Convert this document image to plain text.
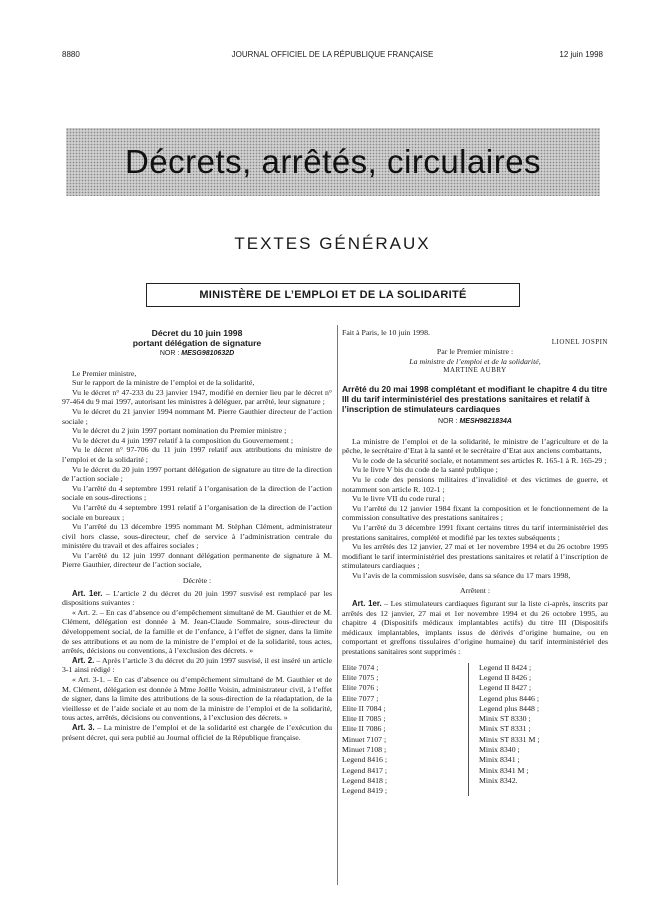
8880	JOURNAL OFFICIEL DE LA RÉPUBLIQUE FRANÇAISE	12 juin 1998
Décrets, arrêtés, circulaires
TEXTES GÉNÉRAUX
MINISTÈRE DE L’EMPLOI ET DE LA SOLIDARITÉ
Décret du 10 juin 1998
portant délégation de signature
NOR : MESG9810632D

Le Premier ministre,

Sur le rapport de la ministre de l’emploi et de la solidarité,

Vu le décret n° 47-233 du 23 janvier 1947, modifié en dernier lieu par le décret n° 97-464 du 9 mai 1997, autorisant les ministres à déléguer, par arrêté, leur signature ;

Vu le décret du 21 janvier 1994 nommant M. Pierre Gauthier directeur de l’action sociale ;

Vu le décret du 2 juin 1997 portant nomination du Premier ministre ;

Vu le décret du 4 juin 1997 relatif à la composition du Gouvernement ;

Vu le décret n° 97-706 du 11 juin 1997 relatif aux attributions du ministre de l’emploi et de la solidarité ;

Vu le décret du 20 juin 1997 portant délégation de signature au titre de la direction de l’action sociale ;

Vu l’arrêté du 4 septembre 1991 relatif à l’organisation de la direction de l’action sociale en sous-directions ;

Vu l’arrêté du 4 septembre 1991 relatif à l’organisation de la direction de l’action sociale en bureaux ;

Vu l’arrêté du 13 décembre 1995 nommant M. Stéphan Clément, administrateur civil hors classe, sous-directeur, chef de service à l’administration centrale du ministère du travail et des affaires sociales ;

Vu l’arrêté du 12 juin 1997 donnant délégation permanente de signature à M. Pierre Gauthier, directeur de l’action sociale,

Décrète :

Art. 1er. – L’article 2 du décret du 20 juin 1997 susvisé est remplacé par les dispositions suivantes :

« Art. 2. – En cas d’absence ou d’empêchement simultané de M. Gauthier et de M. Clément, délégation est donnée à M. Jean-Claude Sommaire, sous-directeur du développement social, de la famille et de l’enfance, à l’effet de signer, dans la limite de ses attributions et au nom de la ministre de l’emploi et de la solidarité, tous actes, arrêtés, décisions ou conventions, à l’exclusion des décrets. »

Art. 2. – Après l’article 3 du décret du 20 juin 1997 susvisé, il est inséré un article 3-1 ainsi rédigé :

« Art. 3-1. – En cas d’absence ou d’empêchement simultané de M. Gauthier et de M. Clément, délégation est donnée à Mme Joëlle Voisin, administrateur civil, à l’effet de signer, dans la limite des attributions de la sous-direction de la réadaptation, de la vieillesse et de l’aide sociale et au nom de la ministre de l’emploi et de la solidarité, tous actes, arrêtés, décisions ou conventions, à l’exclusion des décrets. »

Art. 3. – La ministre de l’emploi et de la solidarité est chargée de l’exécution du présent décret, qui sera publié au Journal officiel de la République française.

Fait à Paris, le 10 juin 1998.

LIONEL JOSPIN
Par le Premier ministre :
La ministre de l’emploi et de la solidarité,
MARTINE AUBRY
Arrêté du 20 mai 1998 complétant et modifiant le chapitre 4 du titre III du tarif interministériel des prestations sanitaires et relatif à l’inscription de stimulateurs cardiaques
NOR : MESH9821834A

La ministre de l’emploi et de la solidarité, le ministre de l’agriculture et de la pêche, le secrétaire d’Etat à la santé et le secrétaire d’Etat aux anciens combattants,

Vu le code de la sécurité sociale, et notamment ses articles R. 165-1 à R. 165-29 ;

Vu le livre V bis du code de la santé publique ;

Vu le code des pensions militaires d’invalidité et des victimes de guerre, et notamment son article R. 102-1 ;

Vu le livre VII du code rural ;

Vu l’arrêté du 12 janvier 1984 fixant la composition et le fonctionnement de la commission consultative des prestations sanitaires ;

Vu l’arrêté du 3 décembre 1991 fixant certains titres du tarif interministériel des prestations sanitaires, complété et modifié par les textes subséquents ;

Vu les arrêtés des 12 janvier, 27 mai et 1er novembre 1994 et du 26 octobre 1995 modifiant le tarif interministériel des prestations sanitaires et relatif à l’inscription de stimulateurs cardiaques ;

Vu l’avis de la commission susvisée, dans sa séance du 17 mars 1998,

Arrêtent :

Art. 1er. – Les stimulateurs cardiaques figurant sur la liste ci-après, inscrits par arrêtés des 12 janvier, 27 mai et 1er novembre 1994 et du 26 octobre 1995, au chapitre 4 (Dispositifs médicaux implantables actifs) du titre III (Dispositifs médicaux implantables, implants issus de dérivés d’origine humaine, ou en comportant et greffons tissulaires d’origine humaine) du tarif interministériel des prestations sanitaires sont supprimés :

Elite 7074 ;
Elite 7075 ;
Elite 7076 ;
Elite 7077 ;
Elite II 7084 ;
Elite II 7085 ;
Elite II 7086 ;
Minuet 7107 ;
Minuet 7108 ;
Legend 8416 ;
Legend 8417 ;
Legend 8418 ;
Legend 8419 ;
Legend II 8424 ;
Legend II 8426 ;
Legend II 8427 ;
Legend plus 8446 ;
Legend plus 8448 ;
Minix ST 8330 ;
Minix ST 8331 ;
Minix ST 8331 M ;
Minix 8340 ;
Minix 8341 ;
Minix 8341 M ;
Minix 8342.
